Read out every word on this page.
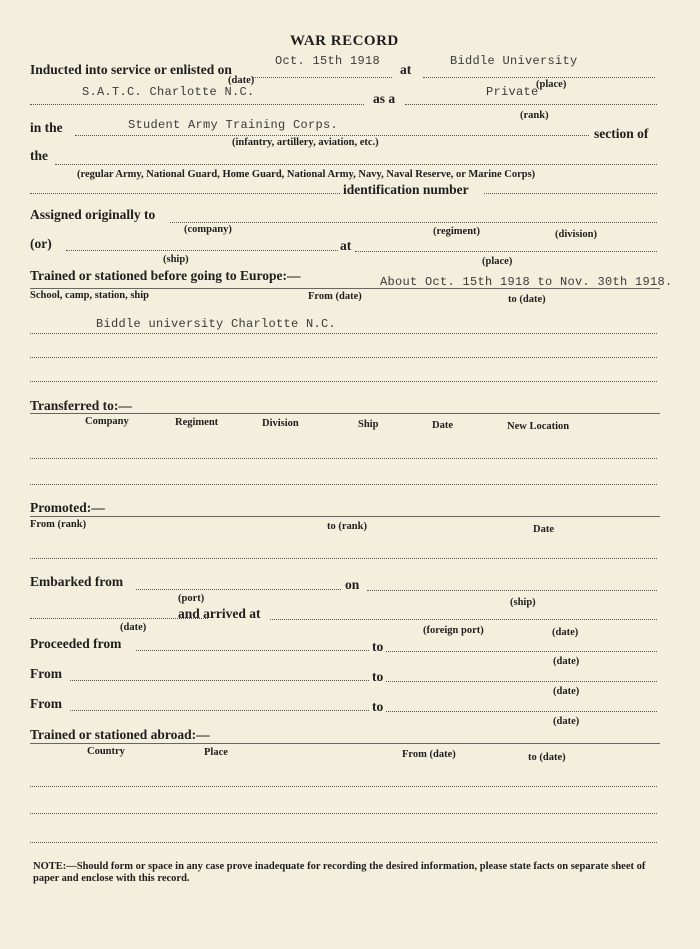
WAR RECORD
Inducted into service or enlisted on
Oct. 15th 1918
(date)
at
Biddle University
S.A.T.C. Charlotte N.C.	as a	Private
(place)
(rank)
in the	Student Army Training Corps.
section of
(infantry, artillery, aviation, etc.)
the
(regular Army, National Guard, Home Guard, National Army, Navy, Naval Reserve, or Marine Corps)
identification number
Assigned originally to
(company)	(regiment)	(division)
(or)	at
(ship)	(place)
Trained or stationed before going to Europe:—	About Oct. 15th 1918 to Nov. 30th 1918.
School, camp, station, ship	From (date)	to (date)
Biddle university Charlotte N.C.
Transferred to:—
Company	Regiment	Division	Ship	Date	New Location
Promoted:—
From (rank)	to (rank)	Date
Embarked from	on
(port)	(ship)
and arrived at
(date)	(foreign port)	(date)
Proceeded from	to
(date)
From	to
(date)
From	to
(date)
Trained or stationed abroad:—
Country	Place	From (date)	to (date)
NOTE:—Should form or space in any case prove inadequate for recording the desired information, please state facts on separate sheet of paper and enclose with this record.
